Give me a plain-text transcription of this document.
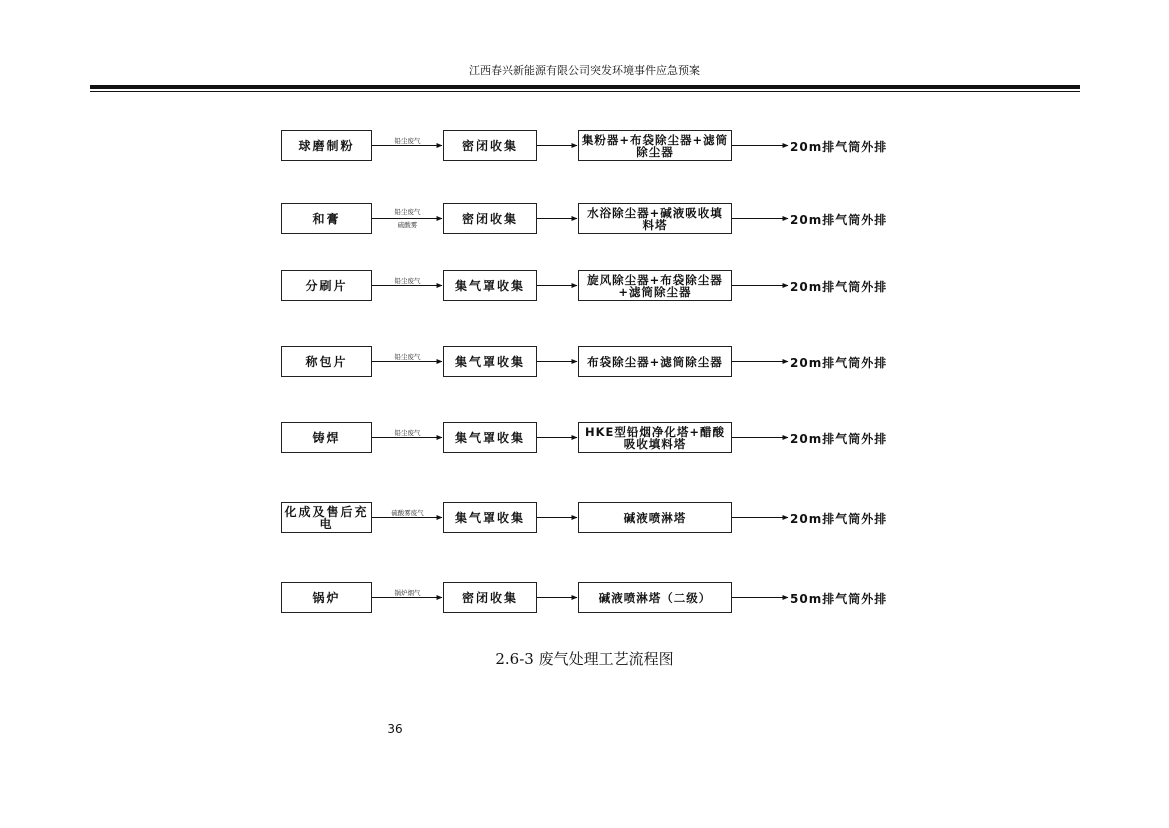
江西春兴新能源有限公司突发环境事件应急预案
球磨制粉	密闭收集	集粉器+布袋除尘器+滤筒除尘器
铅尘废气	20m排气筒外排
和膏	密闭收集	水浴除尘器+碱液吸收填料塔
铅尘废气
硫酸雾	20m排气筒外排
分刷片	集气罩收集	旋风除尘器+布袋除尘器+滤筒除尘器
铅尘废气	20m排气筒外排
称包片	集气罩收集	布袋除尘器+滤筒除尘器
铅尘废气	20m排气筒外排
铸焊	集气罩收集	HKE型铅烟净化塔+醋酸吸收填料塔
铅尘废气	20m排气筒外排
化成及售后充电	集气罩收集	碱液喷淋塔
硫酸雾废气	20m排气筒外排
锅炉	密闭收集	碱液喷淋塔（二级）
锅炉烟气	50m排气筒外排
2.6-3 废气处理工艺流程图
36
